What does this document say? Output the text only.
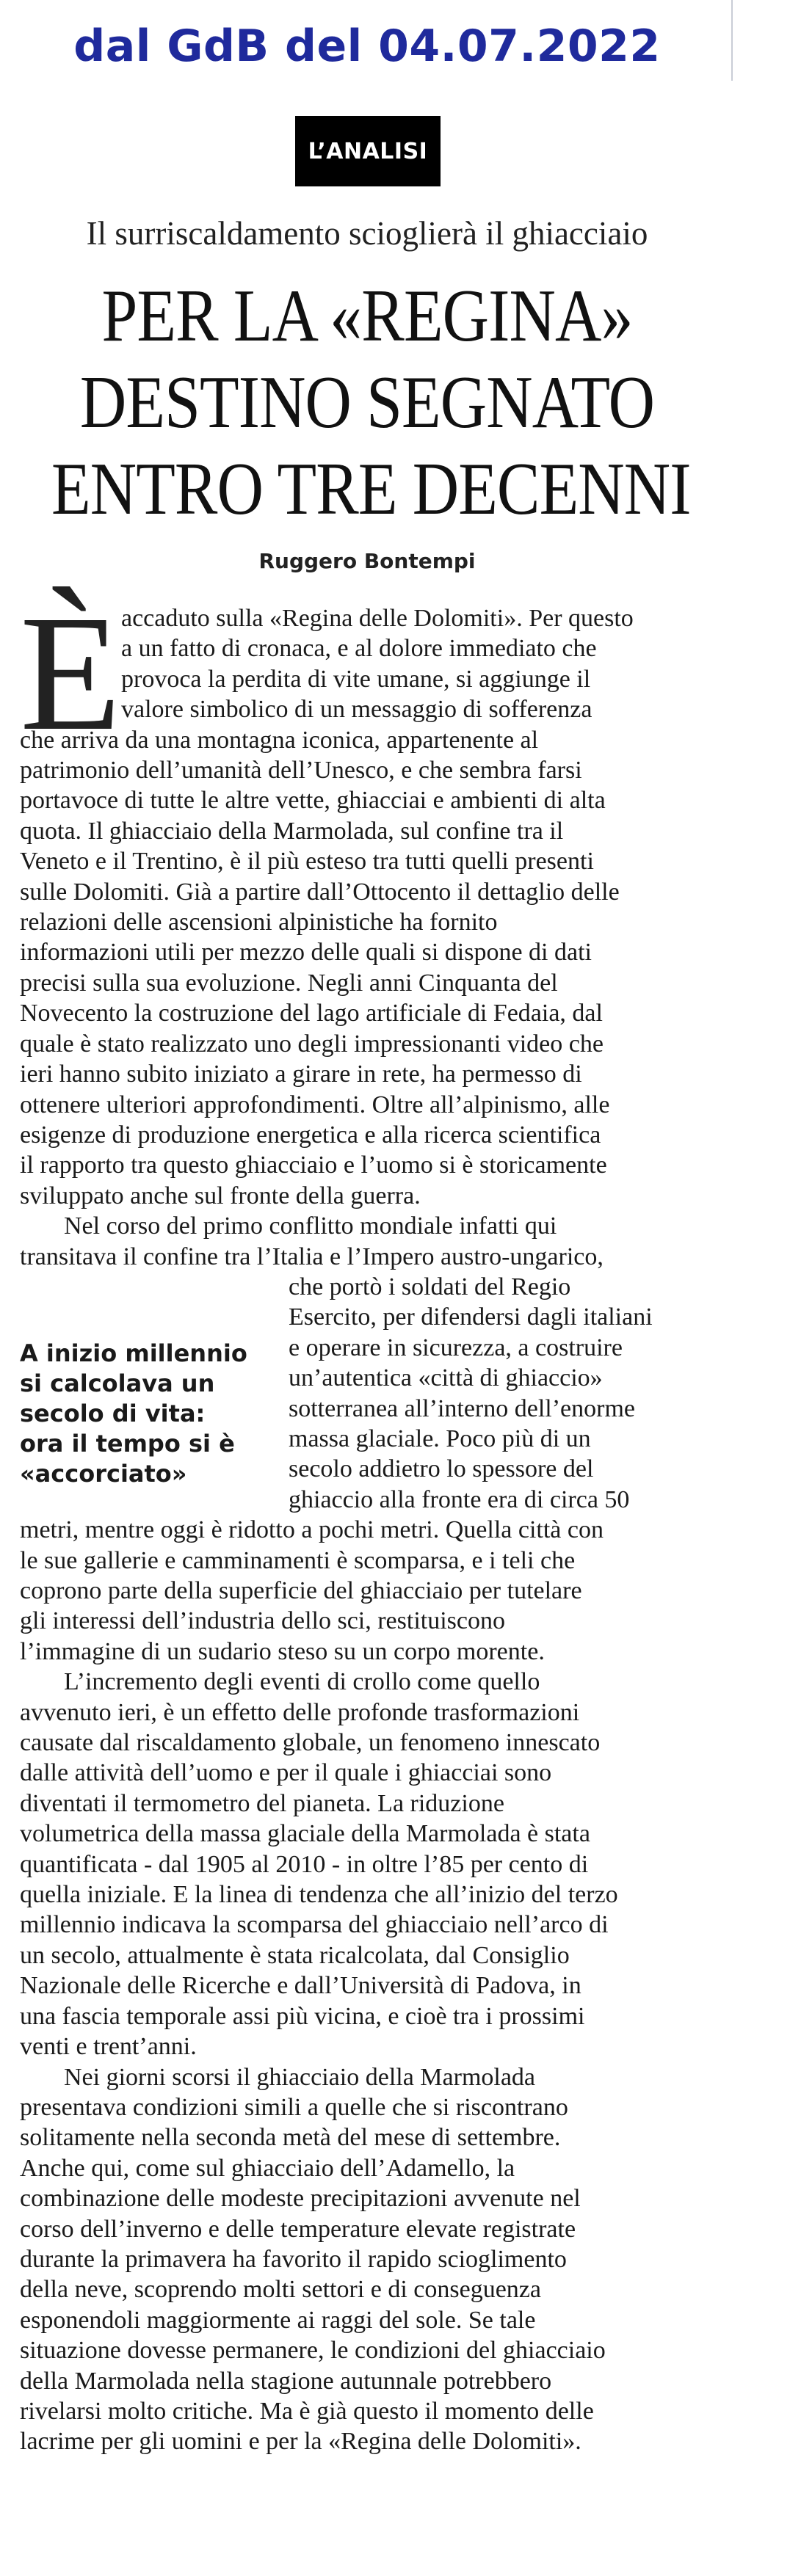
dal GdB del 04.07.2022
L’ANALISI
Il surriscaldamento scioglierà il ghiacciaio
PER LA «REGINA»
DESTINO SEGNATO
ENTRO TRE DECENNI
Ruggero Bontempi
A inizio millennio
si calcolava un
secolo di vita:
ora il tempo si è
«accorciato»

È accaduto sulla «Regina delle Dolomiti». Per questo
a un fatto di cronaca, e al dolore immediato che
provoca la perdita di vite umane, si aggiunge il
valore simbolico di un messaggio di sofferenza
che arriva da una montagna iconica, appartenente al
patrimonio dell’umanità dell’Unesco, e che sembra farsi
portavoce di tutte le altre vette, ghiacciai e ambienti di alta
quota. Il ghiacciaio della Marmolada, sul confine tra il
Veneto e il Trentino, è il più esteso tra tutti quelli presenti
sulle Dolomiti. Già a partire dall’Ottocento il dettaglio delle
relazioni delle ascensioni alpinistiche ha fornito
informazioni utili per mezzo delle quali si dispone di dati
precisi sulla sua evoluzione. Negli anni Cinquanta del
Novecento la costruzione del lago artificiale di Fedaia, dal
quale è stato realizzato uno degli impressionanti video che
ieri hanno subito iniziato a girare in rete, ha permesso di
ottenere ulteriori approfondimenti. Oltre all’alpinismo, alle
esigenze di produzione energetica e alla ricerca scientifica
il rapporto tra questo ghiacciaio e l’uomo si è storicamente
sviluppato anche sul fronte della guerra.

Nel corso del primo conflitto mondiale infatti qui
transitava il confine tra l’Italia e l’Impero austro-ungarico,
che portò i soldati del Regio
Esercito, per difendersi dagli italiani
e operare in sicurezza, a costruire
un’autentica «città di ghiaccio»
sotterranea all’interno dell’enorme
massa glaciale. Poco più di un
secolo addietro lo spessore del
ghiaccio alla fronte era di circa 50
metri, mentre oggi è ridotto a pochi metri. Quella città con
le sue gallerie e camminamenti è scomparsa, e i teli che
coprono parte della superficie del ghiacciaio per tutelare
gli interessi dell’industria dello sci, restituiscono
l’immagine di un sudario steso su un corpo morente.

L’incremento degli eventi di crollo come quello
avvenuto ieri, è un effetto delle profonde trasformazioni
causate dal riscaldamento globale, un fenomeno innescato
dalle attività dell’uomo e per il quale i ghiacciai sono
diventati il termometro del pianeta. La riduzione
volumetrica della massa glaciale della Marmolada è stata
quantificata - dal 1905 al 2010 - in oltre l’85 per cento di
quella iniziale. E la linea di tendenza che all’inizio del terzo
millennio indicava la scomparsa del ghiacciaio nell’arco di
un secolo, attualmente è stata ricalcolata, dal Consiglio
Nazionale delle Ricerche e dall’Università di Padova, in
una fascia temporale assi più vicina, e cioè tra i prossimi
venti e trent’anni.

Nei giorni scorsi il ghiacciaio della Marmolada
presentava condizioni simili a quelle che si riscontrano
solitamente nella seconda metà del mese di settembre.
Anche qui, come sul ghiacciaio dell’Adamello, la
combinazione delle modeste precipitazioni avvenute nel
corso dell’inverno e delle temperature elevate registrate
durante la primavera ha favorito il rapido scioglimento
della neve, scoprendo molti settori e di conseguenza
esponendoli maggiormente ai raggi del sole. Se tale
situazione dovesse permanere, le condizioni del ghiacciaio
della Marmolada nella stagione autunnale potrebbero
rivelarsi molto critiche. Ma è già questo il momento delle
lacrime per gli uomini e per la «Regina delle Dolomiti».
